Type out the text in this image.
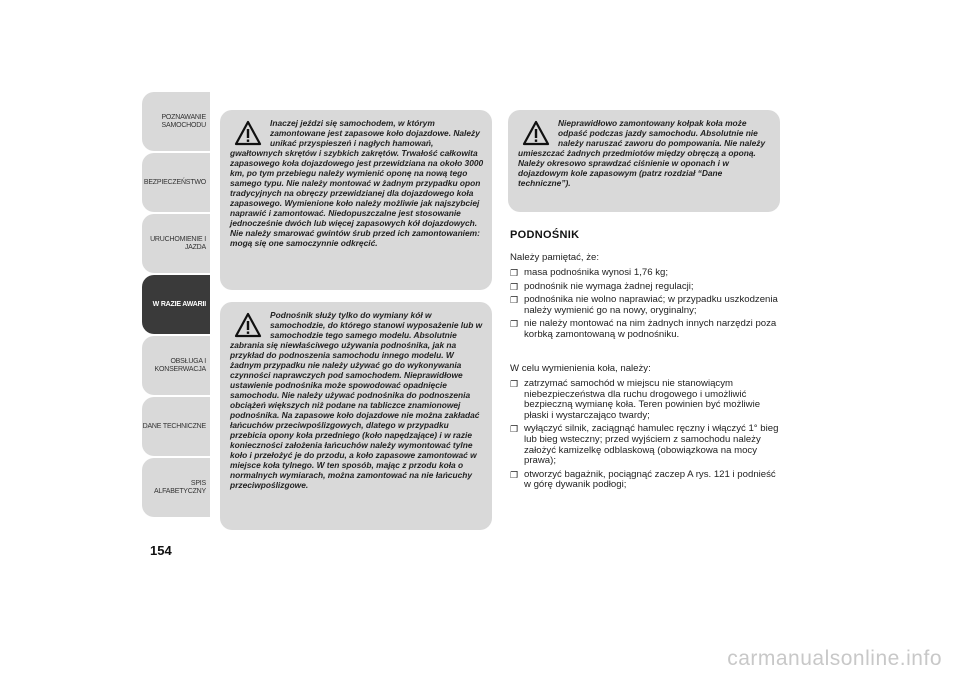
POZNAWANIE
SAMOCHODU
BEZPIECZEŃSTWO
URUCHOMIENIE I
JAZDA
W RAZIE AWARII
OBSŁUGA I
KONSERWACJA
DANE TECHNICZNE
SPIS ALFABETYCZNY
154
Inaczej jeździ się samochodem, w którym zamontowane jest zapasowe koło dojazdowe. Należy unikać przyspieszeń i nagłych hamowań,
gwałtownych skrętów i szybkich zakrętów. Trwałość całkowita zapasowego koła dojazdowego jest przewidziana na około 3000 km, po tym przebiegu należy wymienić oponę na nową tego samego typu. Nie należy montować w żadnym przypadku opon tradycyjnych na obręczy przewidzianej dla dojazdowego koła zapasowego. Wymienione koło należy możliwie jak najszybciej naprawić i zamontować. Niedopuszczalne jest stosowanie jednocześnie dwóch lub więcej zapasowych kół dojazdowych. Nie należy smarować gwintów śrub przed ich zamontowaniem: mogą się one samoczynnie odkręcić.
Podnośnik służy tylko do wymiany kół w samochodzie, do którego stanowi wyposażenie lub w samochodzie tego samego modelu. Absolutnie
zabrania się niewłaściwego używania podnośnika, jak na przykład do podnoszenia samochodu innego modelu. W żadnym przypadku nie należy używać go do wykonywania czynności naprawczych pod samochodem. Nieprawidłowe ustawienie podnośnika może spowodować opadnięcie samochodu. Nie należy używać podnośnika do podnoszenia obciążeń większych niż podane na tabliczce znamionowej podnośnika. Na zapasowe koło dojazdowe nie można zakładać łańcuchów przeciwpoślizgowych, dlatego w przypadku przebicia opony koła przedniego (koło napędzające) i w razie konieczności założenia łańcuchów należy wymontować tylne koło i przełożyć je do przodu, a koło zapasowe zamontować w miejsce koła tylnego. W ten sposób, mając z przodu koła o normalnych wymiarach, można zamontować na nie łańcuchy przeciwpoślizgowe.
Nieprawidłowo zamontowany kołpak koła może odpaść podczas jazdy samochodu. Absolutnie nie należy naruszać zaworu do pompowania. Nie należy
umieszczać żadnych przedmiotów między obręczą a oponą. Należy okresowo sprawdzać ciśnienie w oponach i w dojazdowym kole zapasowym (patrz rozdział “Dane techniczne”).
PODNOŚNIK
Należy pamiętać, że:
❐ masa podnośnika wynosi 1,76 kg;
❐ podnośnik nie wymaga żadnej regulacji;
❐ podnośnika nie wolno naprawiać; w przypadku uszkodzenia należy wymienić go na nowy, oryginalny;
❐ nie należy montować na nim żadnych innych narzędzi poza korbką zamontowaną w podnośniku.
W celu wymienienia koła, należy:
❐ zatrzymać samochód w miejscu nie stanowiącym niebezpieczeństwa dla ruchu drogowego i umożliwić bezpieczną wymianę koła. Teren powinien być możliwie płaski i wystarczająco twardy;
❐ wyłączyć silnik, zaciągnąć hamulec ręczny i włączyć 1° bieg lub bieg wsteczny; przed wyjściem z samochodu należy założyć kamizelkę odblaskową (obowiązkowa na mocy prawa);
❐ otworzyć bagażnik, pociągnąć zaczep A rys. 121 i podnieść w górę dywanik podłogi;
carmanualsonline.info
